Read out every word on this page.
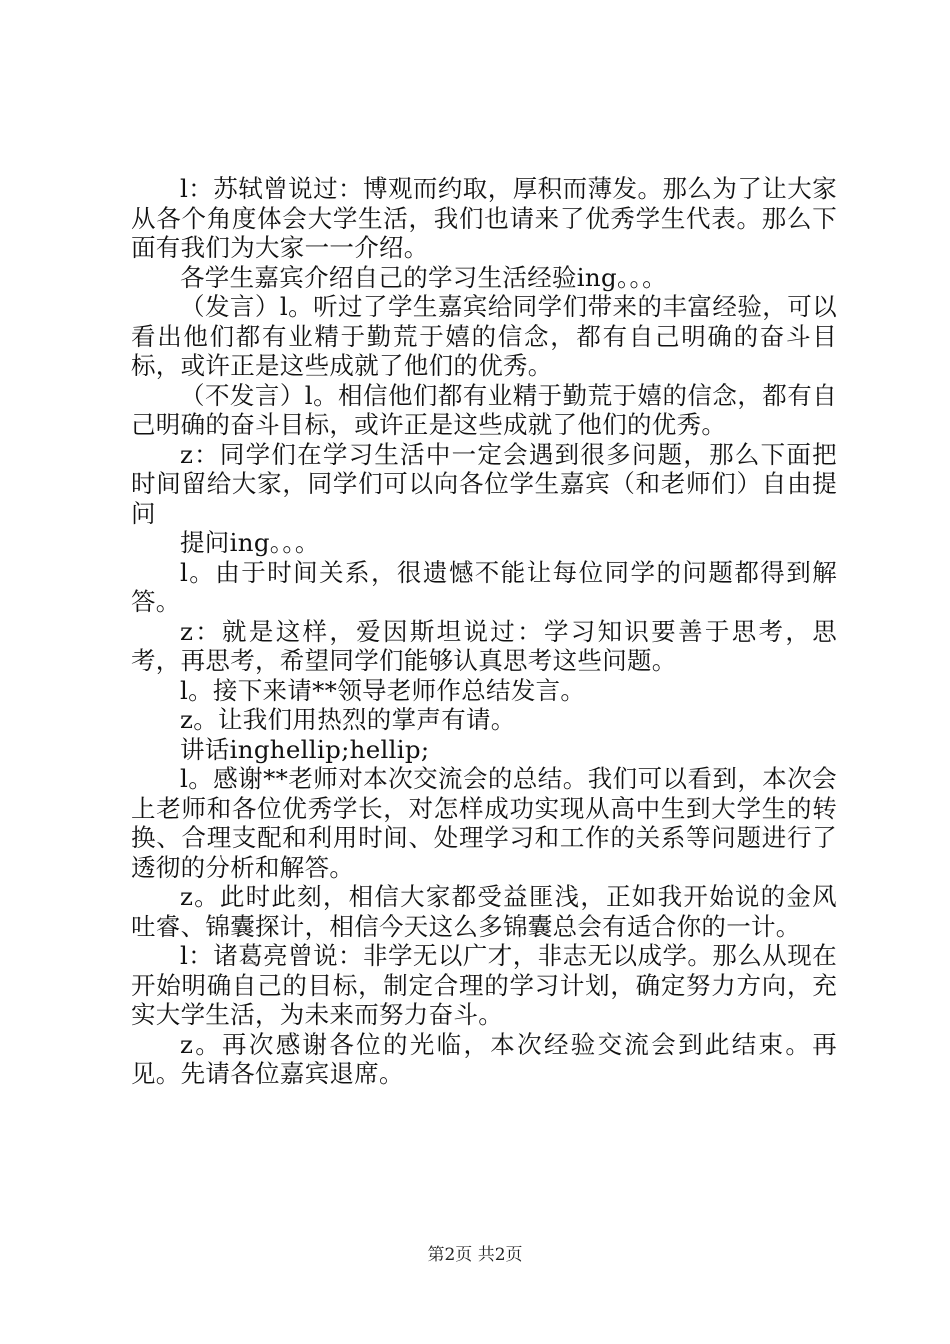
l：苏轼曾说过：博观而约取，厚积而薄发。那么为了让大家从各个角度体会大学生活，我们也请来了优秀学生代表。那么下面有我们为大家一一介绍。

各学生嘉宾介绍自己的学习生活经验ing。。。

（发言）l。听过了学生嘉宾给同学们带来的丰富经验，可以看出他们都有业精于勤荒于嬉的信念，都有自己明确的奋斗目标，或许正是这些成就了他们的优秀。

（不发言）l。相信他们都有业精于勤荒于嬉的信念，都有自己明确的奋斗目标，或许正是这些成就了他们的优秀。

z：同学们在学习生活中一定会遇到很多问题，那么下面把时间留给大家，同学们可以向各位学生嘉宾（和老师们）自由提问

提问ing。。。

l。由于时间关系，很遗憾不能让每位同学的问题都得到解答。

z：就是这样，爱因斯坦说过：学习知识要善于思考，思考，再思考，希望同学们能够认真思考这些问题。

l。接下来请**领导老师作总结发言。

z。让我们用热烈的掌声有请。

讲话inghellip;hellip;

l。感谢**老师对本次交流会的总结。我们可以看到，本次会上老师和各位优秀学长，对怎样成功实现从高中生到大学生的转换、合理支配和利用时间、处理学习和工作的关系等问题进行了透彻的分析和解答。

z。此时此刻，相信大家都受益匪浅，正如我开始说的金风吐睿、锦囊探计，相信今天这么多锦囊总会有适合你的一计。

l：诸葛亮曾说：非学无以广才，非志无以成学。那么从现在开始明确自己的目标，制定合理的学习计划，确定努力方向，充实大学生活，为未来而努力奋斗。

z。再次感谢各位的光临，本次经验交流会到此结束。再见。先请各位嘉宾退席。

第2页 共2页
